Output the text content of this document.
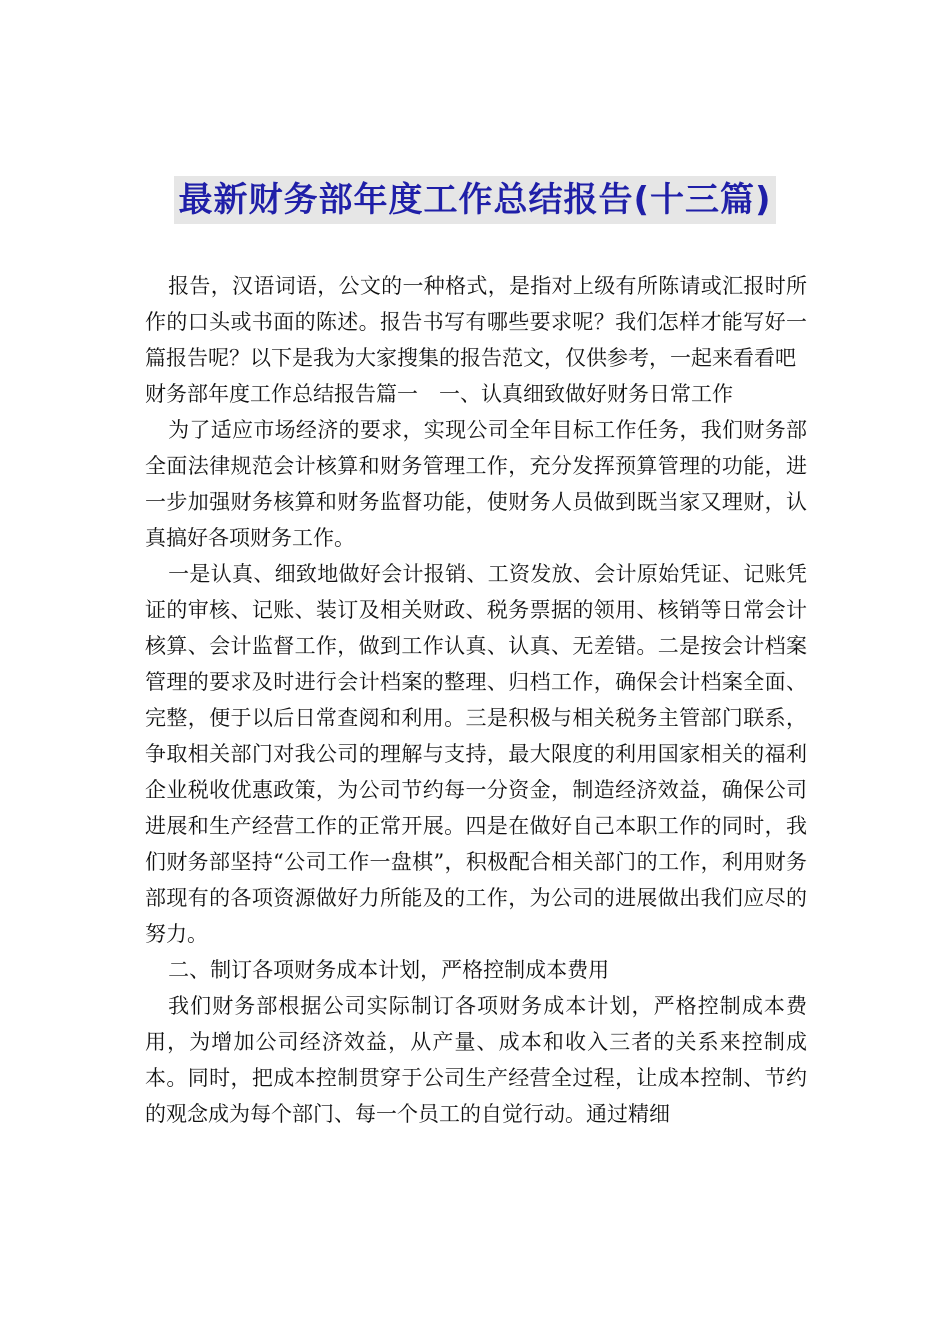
最新财务部年度工作总结报告(十三篇)

报告，汉语词语，公文的一种格式，是指对上级有所陈请或汇报时所作的口头或书面的陈述。报告书写有哪些要求呢？我们怎样才能写好一篇报告呢？以下是我为大家搜集的报告范文，仅供参考，一起来看看吧

财务部年度工作总结报告篇一　一、认真细致做好财务日常工作

为了适应市场经济的要求，实现公司全年目标工作任务，我们财务部全面法律规范会计核算和财务管理工作，充分发挥预算管理的功能，进一步加强财务核算和财务监督功能，使财务人员做到既当家又理财，认真搞好各项财务工作。

一是认真、细致地做好会计报销、工资发放、会计原始凭证、记账凭证的审核、记账、装订及相关财政、税务票据的领用、核销等日常会计核算、会计监督工作，做到工作认真、认真、无差错。二是按会计档案管理的要求及时进行会计档案的整理、归档工作，确保会计档案全面、完整，便于以后日常查阅和利用。三是积极与相关税务主管部门联系，争取相关部门对我公司的理解与支持，最大限度的利用国家相关的福利企业税收优惠政策，为公司节约每一分资金，制造经济效益，确保公司进展和生产经营工作的正常开展。四是在做好自己本职工作的同时，我们财务部坚持“公司工作一盘棋”，积极配合相关部门的工作，利用财务部现有的各项资源做好力所能及的工作，为公司的进展做出我们应尽的努力。

二、制订各项财务成本计划，严格控制成本费用

我们财务部根据公司实际制订各项财务成本计划，严格控制成本费用，为增加公司经济效益，从产量、成本和收入三者的关系来控制成本。同时，把成本控制贯穿于公司生产经营全过程，让成本控制、节约的观念成为每个部门、每一个员工的自觉行动。通过精细
